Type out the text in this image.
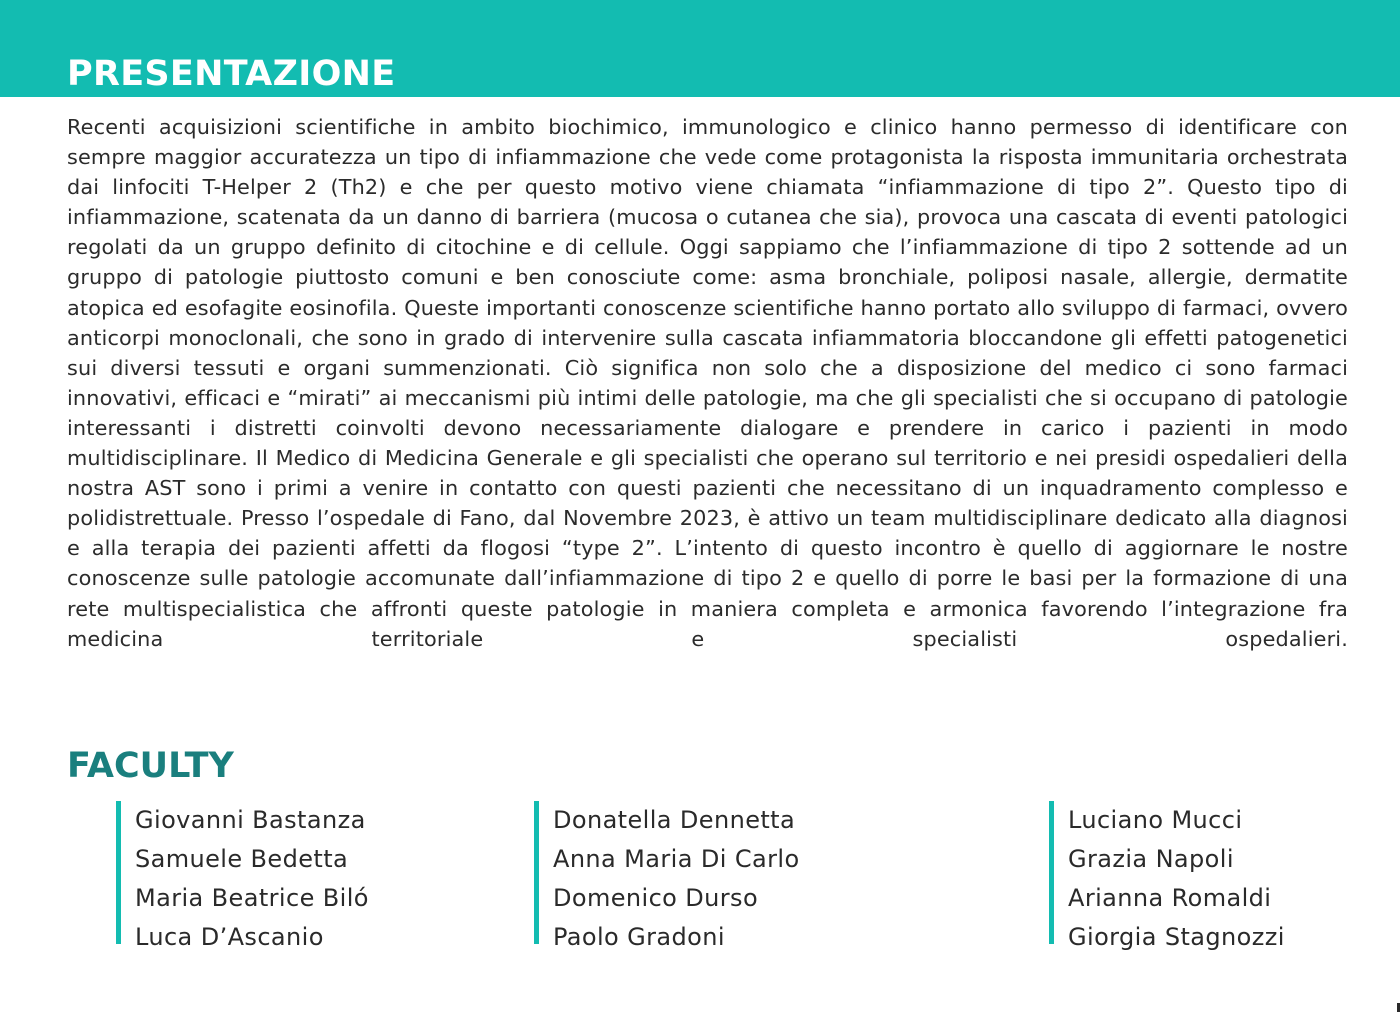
PRESENTAZIONE

Recenti acquisizioni scientifiche in ambito biochimico, immunologico e clinico hanno permesso di identificare con sempre maggior accuratezza un tipo di infiammazione che vede come protagonista la risposta immunitaria orchestrata dai linfociti T-Helper 2 (Th2) e che per questo motivo viene chiamata “infiammazione di tipo 2”. Questo tipo di infiammazione, scatenata da un danno di barriera (mucosa o cutanea che sia), provoca una cascata di eventi patologici regolati da un gruppo definito di citochine e di cellule. Oggi sappiamo che l’infiammazione di tipo 2 sottende ad un gruppo di patologie piuttosto comuni e ben conosciute come: asma bronchiale, poliposi nasale, allergie, dermatite atopica ed esofagite eosinofila. Queste importanti conoscenze scientifiche hanno portato allo sviluppo di farmaci, ovvero anticorpi monoclonali, che sono in grado di intervenire sulla cascata infiammatoria bloccandone gli effetti patogenetici sui diversi tessuti e organi summenzionati. Ciò significa non solo che a disposizione del medico ci sono farmaci innovativi, efficaci e “mirati” ai meccanismi più intimi delle patologie, ma che gli specialisti che si occupano di patologie interessanti i distretti coinvolti devono necessariamente dialogare e prendere in carico i pazienti in modo multidisciplinare. Il Medico di Medicina Generale e gli specialisti che operano sul territorio e nei presidi ospedalieri della nostra AST sono i primi a venire in contatto con questi pazienti che necessitano di un inquadramento complesso e polidistrettuale. Presso l’ospedale di Fano, dal Novembre 2023, è attivo un team multidisciplinare dedicato alla diagnosi e alla terapia dei pazienti affetti da flogosi “type 2”. L’intento di questo incontro è quello di aggiornare le nostre conoscenze sulle patologie accomunate dall’infiammazione di tipo 2 e quello di porre le basi per la formazione di una rete multispecialistica che affronti queste patologie in maniera completa e armonica favorendo l’integrazione fra medicina territoriale e specialisti ospedalieri.

FACULTY
Giovanni Bastanza
Samuele Bedetta
Maria Beatrice Biló
Luca D’Ascanio
Donatella Dennetta
Anna Maria Di Carlo
Domenico Durso
Paolo Gradoni
Luciano Mucci
Grazia Napoli
Arianna Romaldi
Giorgia Stagnozzi
